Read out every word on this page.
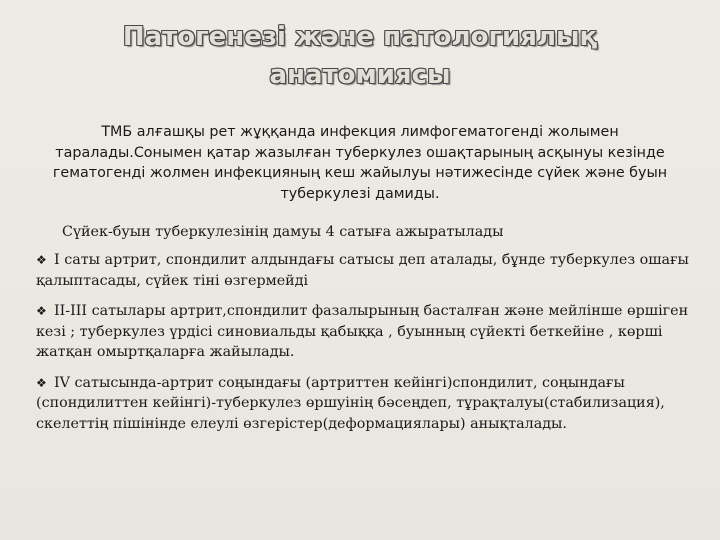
Патогенезі және патологиялық
анатомиясы
ТМБ алғашқы рет жұққанда инфекция лимфогематогенді жолымен таралады.Сонымен қатар жазылған туберкулез ошақтарының асқынуы кезінде гематогенді жолмен инфекцияның кеш жайылуы нәтижесінде сүйек және буын туберкулезі дамиды.
Сүйек-буын туберкулезінің дамуы 4 сатыға ажыратылады
❖ І саты артрит, спондилит алдындағы сатысы деп аталады, бұнде туберкулез ошағы қалыптасады, сүйек тіні өзгермейді
❖ ІІ-ІІІ сатылары артрит,спондилит фазалырының басталған және мейлінше өршіген кезі ; туберкулез үрдісі синовиальды қабыққа , буынның сүйекті беткейіне , көрші жатқан омыртқаларға жайылады.
❖ IV сатысында-артрит соңындағы (артриттен кейінгі)спондилит, соңындағы (спондилиттен кейінгі)-туберкулез өршуінің бәсеңдеп, тұрақталуы(стабилизация), скелеттің пішінінде елеулі өзгерістер(деформациялары) анықталады.
